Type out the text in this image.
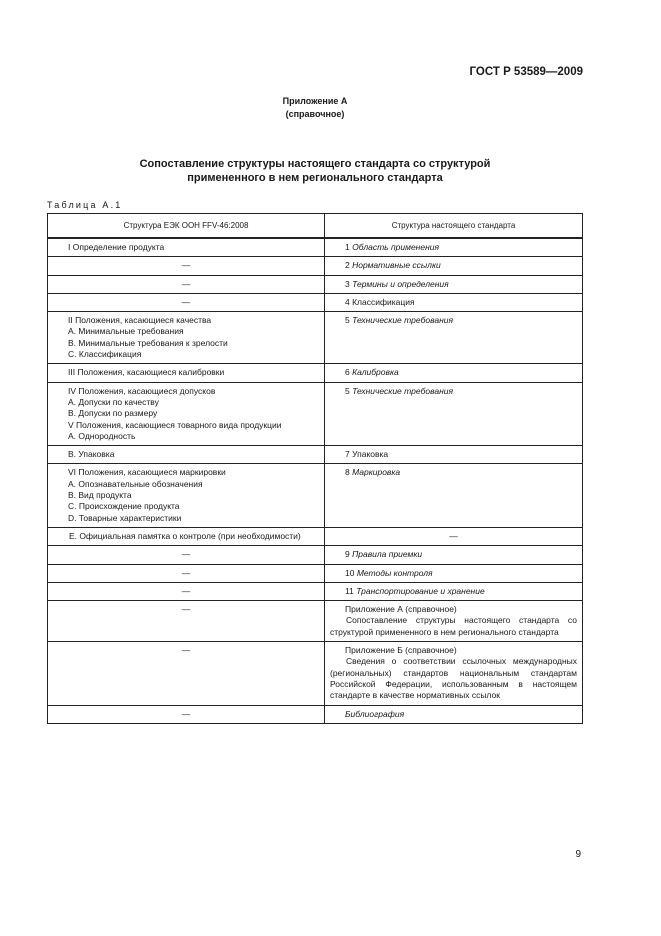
ГОСТ Р 53589—2009
Приложение А
(справочное)
Сопоставление структуры настоящего стандарта со структурой
примененного в нем регионального стандарта
Таблица А.1
Структура ЕЭК ООН FFV-46:2008	Структура настоящего стандарта

I Определение продукта	1 Область применения
—	2 Нормативные ссылки
—	3 Термины и определения
—	4 Классификация

II Положения, касающиеся качества
A. Минимальные требования
B. Минимальные требования к зрелости
C. Классификация	5 Технические требования

III Положения, касающиеся калибровки	6 Калибровка

IV Положения, касающиеся допусков
A. Допуски по качеству
B. Допуски по размеру
V Положения, касающиеся товарного вида продукции
A. Однородность	5 Технические требования

B. Упаковка	7 Упаковка

VI Положения, касающиеся маркировки
A. Опознавательные обозначения
B. Вид продукта
C. Происхождение продукта
D. Товарные характеристики	8 Маркировка

E. Официальная памятка о контроле (при необходимости)	—
—	9 Правила приемки
—	10 Методы контроля
—	11 Транспортирование и хранение
—	Приложение А (справочное)
Сопоставление структуры настоящего стандарта со структурой примененного в нем регионального стандарта

—	Приложение Б (справочное)
Сведения о соответствии ссылочных международных (региональных) стандартов национальным стандартам Российской Федерации, использованным в настоящем стандарте в качестве нормативных ссылок

—	Библиография
9
